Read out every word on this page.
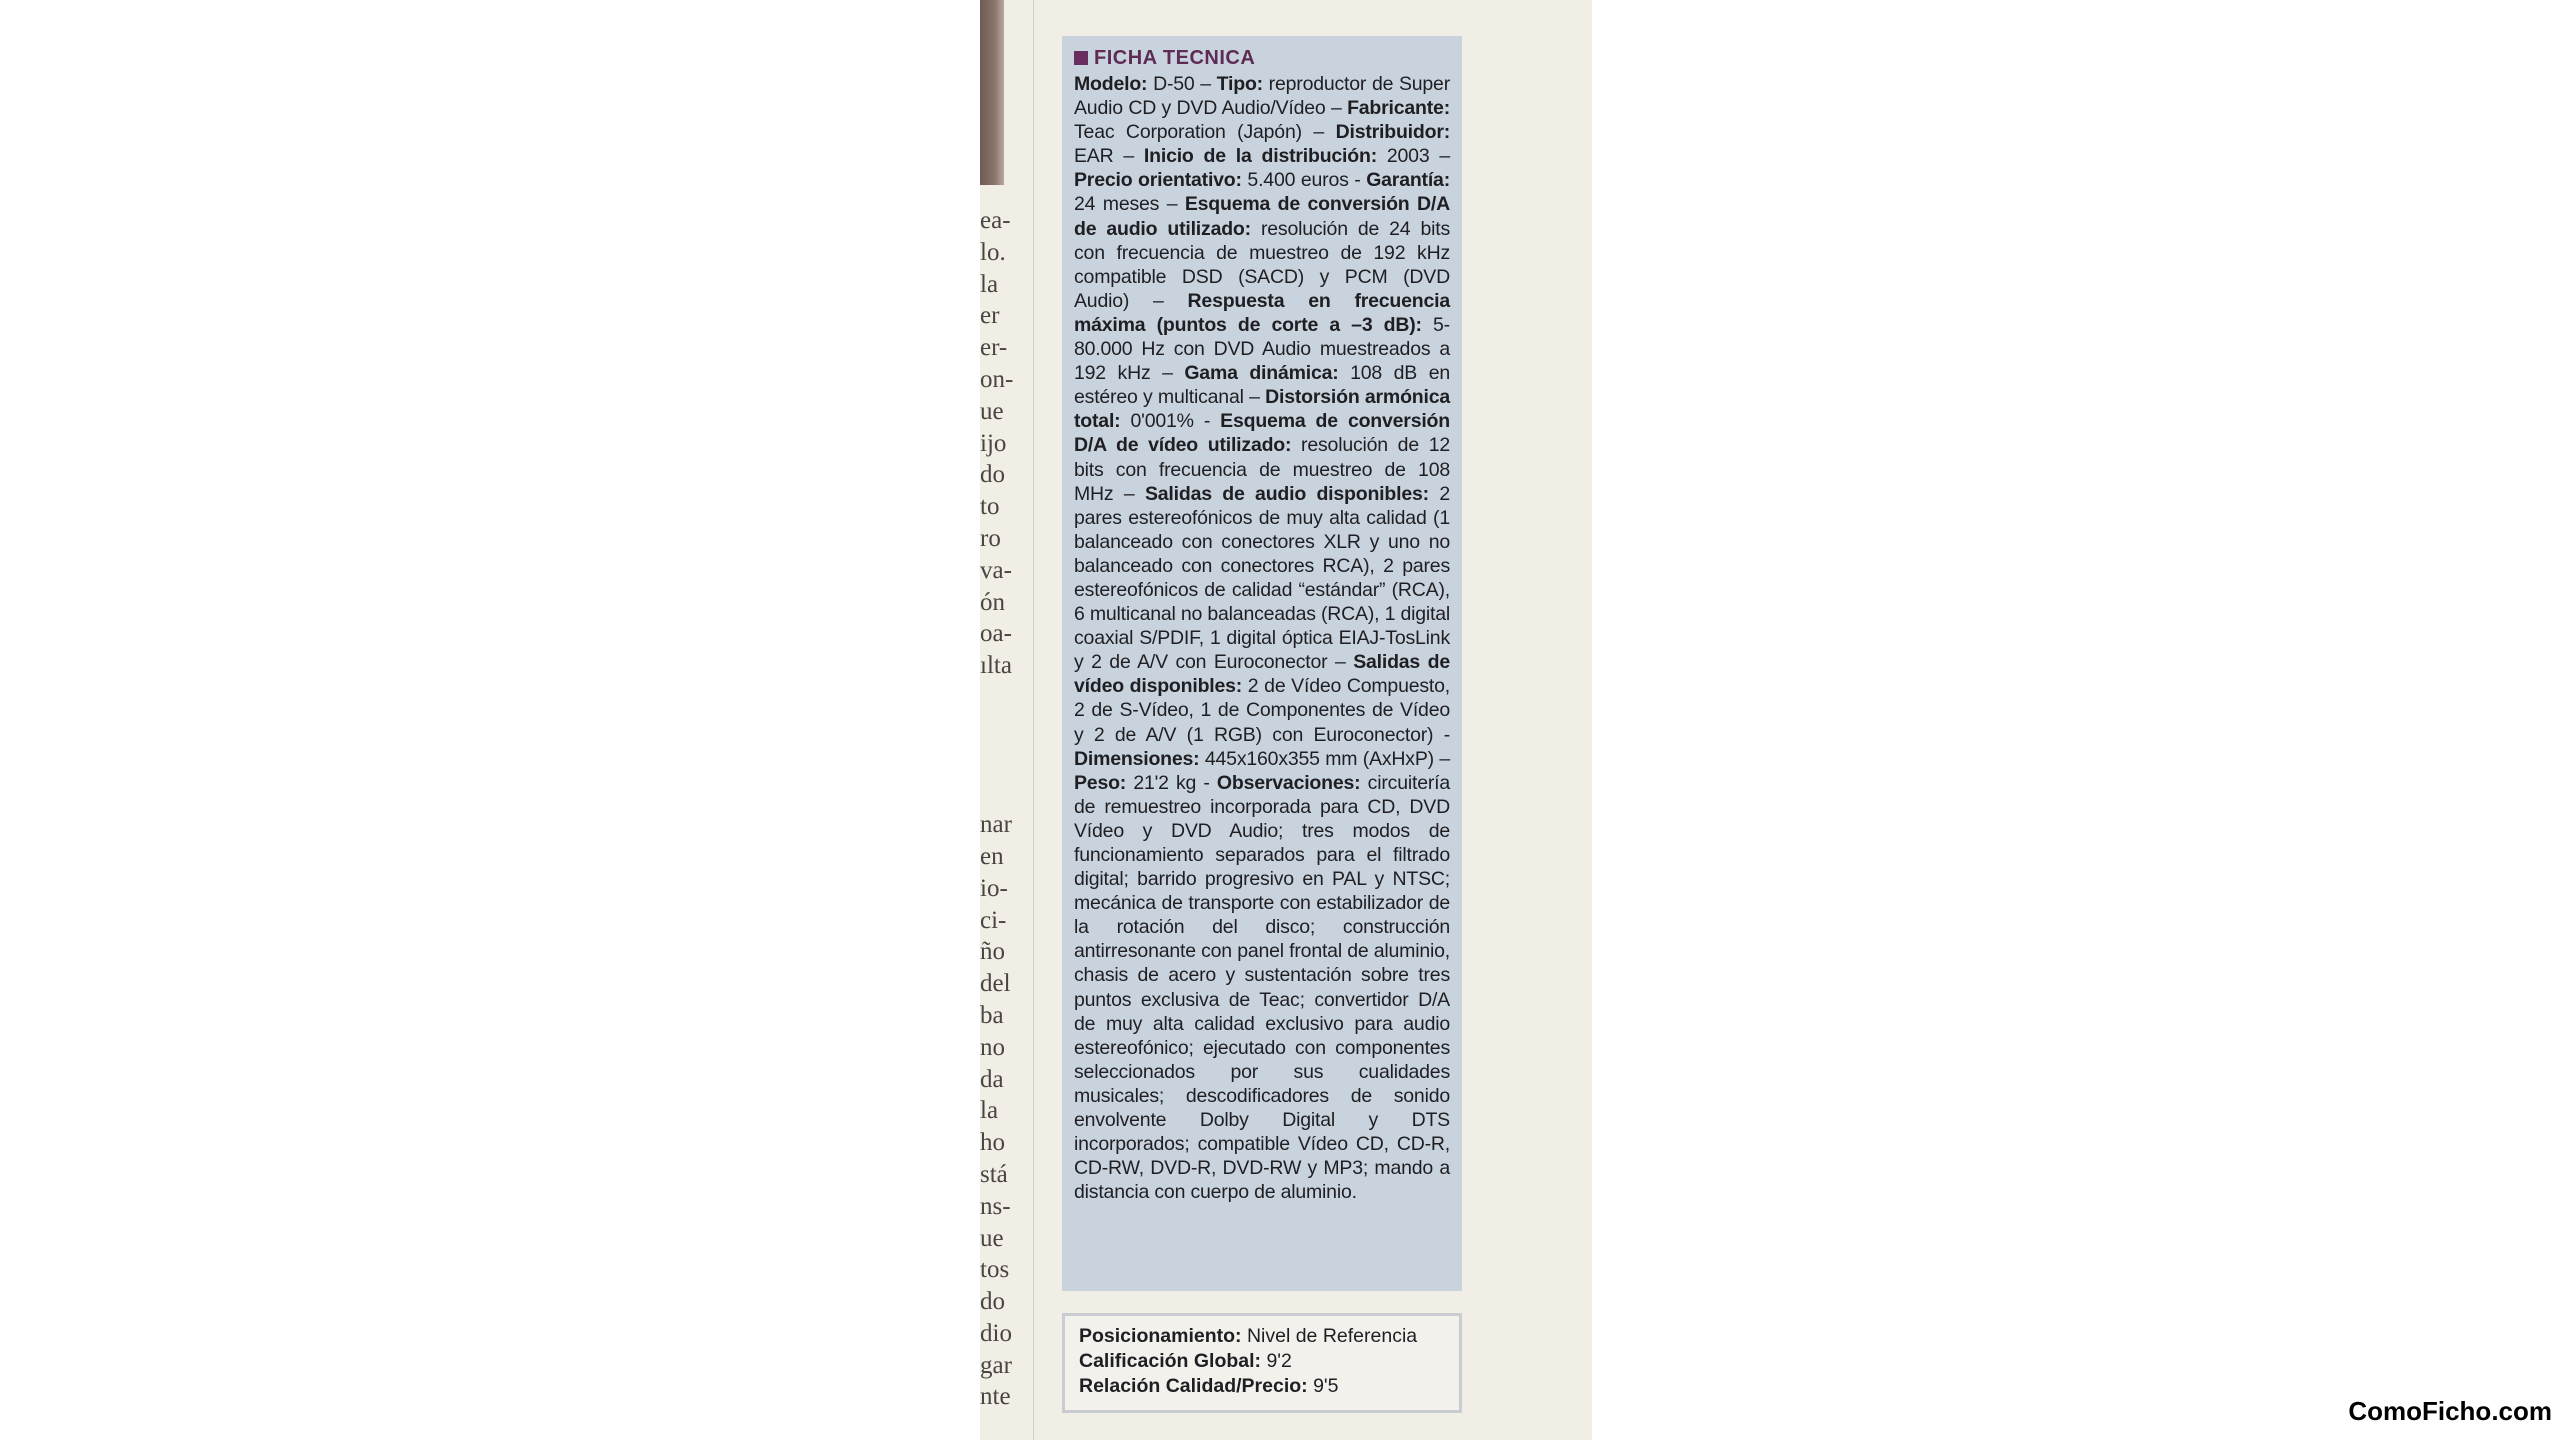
ea-
lo.
la
er
er-
on-
ue
ijo
do
to
ro
va-
ón
oa-
ılta
nar
en
io-
ci-
ño
del
ba
no
da
la
ho
stá
ns-
ue
tos
do
dio
gar
nte
FICHA TECNICA
Modelo: D-50 – Tipo: reproductor de Super Audio CD y DVD Audio/Vídeo – Fabricante: Teac Corporation (Japón) – Distribuidor: EAR – Inicio de la distribución: 2003 – Precio orientativo: 5.400 euros - Garantía: 24 meses – Esquema de conversión D/A de audio utilizado: resolución de 24 bits con frecuencia de muestreo de 192 kHz compatible DSD (SACD) y PCM (DVD Audio) – Respuesta en frecuencia máxima (puntos de corte a –3 dB): 5-80.000 Hz con DVD Audio muestreados a 192 kHz – Gama dinámica: 108 dB en estéreo y multicanal – Distorsión armónica total: 0'001% - Esquema de conversión D/A de vídeo utilizado: resolución de 12 bits con frecuencia de muestreo de 108 MHz – Salidas de audio disponibles: 2 pares estereofónicos de muy alta calidad (1 balanceado con conectores XLR y uno no balanceado con conectores RCA), 2 pares estereofónicos de calidad “estándar” (RCA), 6 multicanal no balanceadas (RCA), 1 digital coaxial S/PDIF, 1 digital óptica EIAJ-TosLink y 2 de A/V con Euroconector – Salidas de vídeo disponibles: 2 de Vídeo Compuesto, 2 de S-Vídeo, 1 de Componentes de Vídeo y 2 de A/V (1 RGB) con Euroconector) - Dimensiones: 445x160x355 mm (AxHxP) – Peso: 21'2 kg - Observaciones: circuitería de remuestreo incorporada para CD, DVD Vídeo y DVD Audio; tres modos de funcionamiento separados para el filtrado digital; barrido progresivo en PAL y NTSC; mecánica de transporte con estabilizador de la rotación del disco; construcción antirresonante con panel frontal de aluminio, chasis de acero y sustentación sobre tres puntos exclusiva de Teac; convertidor D/A de muy alta calidad exclusivo para audio estereofónico; ejecutado con componentes seleccionados por sus cualidades musicales; descodificadores de sonido envolvente Dolby Digital y DTS incorporados; compatible Vídeo CD, CD-R, CD-RW, DVD-R, DVD-RW y MP3; mando a distancia con cuerpo de aluminio.
Posicionamiento: Nivel de Referencia
Calificación Global: 9'2
Relación Calidad/Precio: 9'5
ComoFicho.com
